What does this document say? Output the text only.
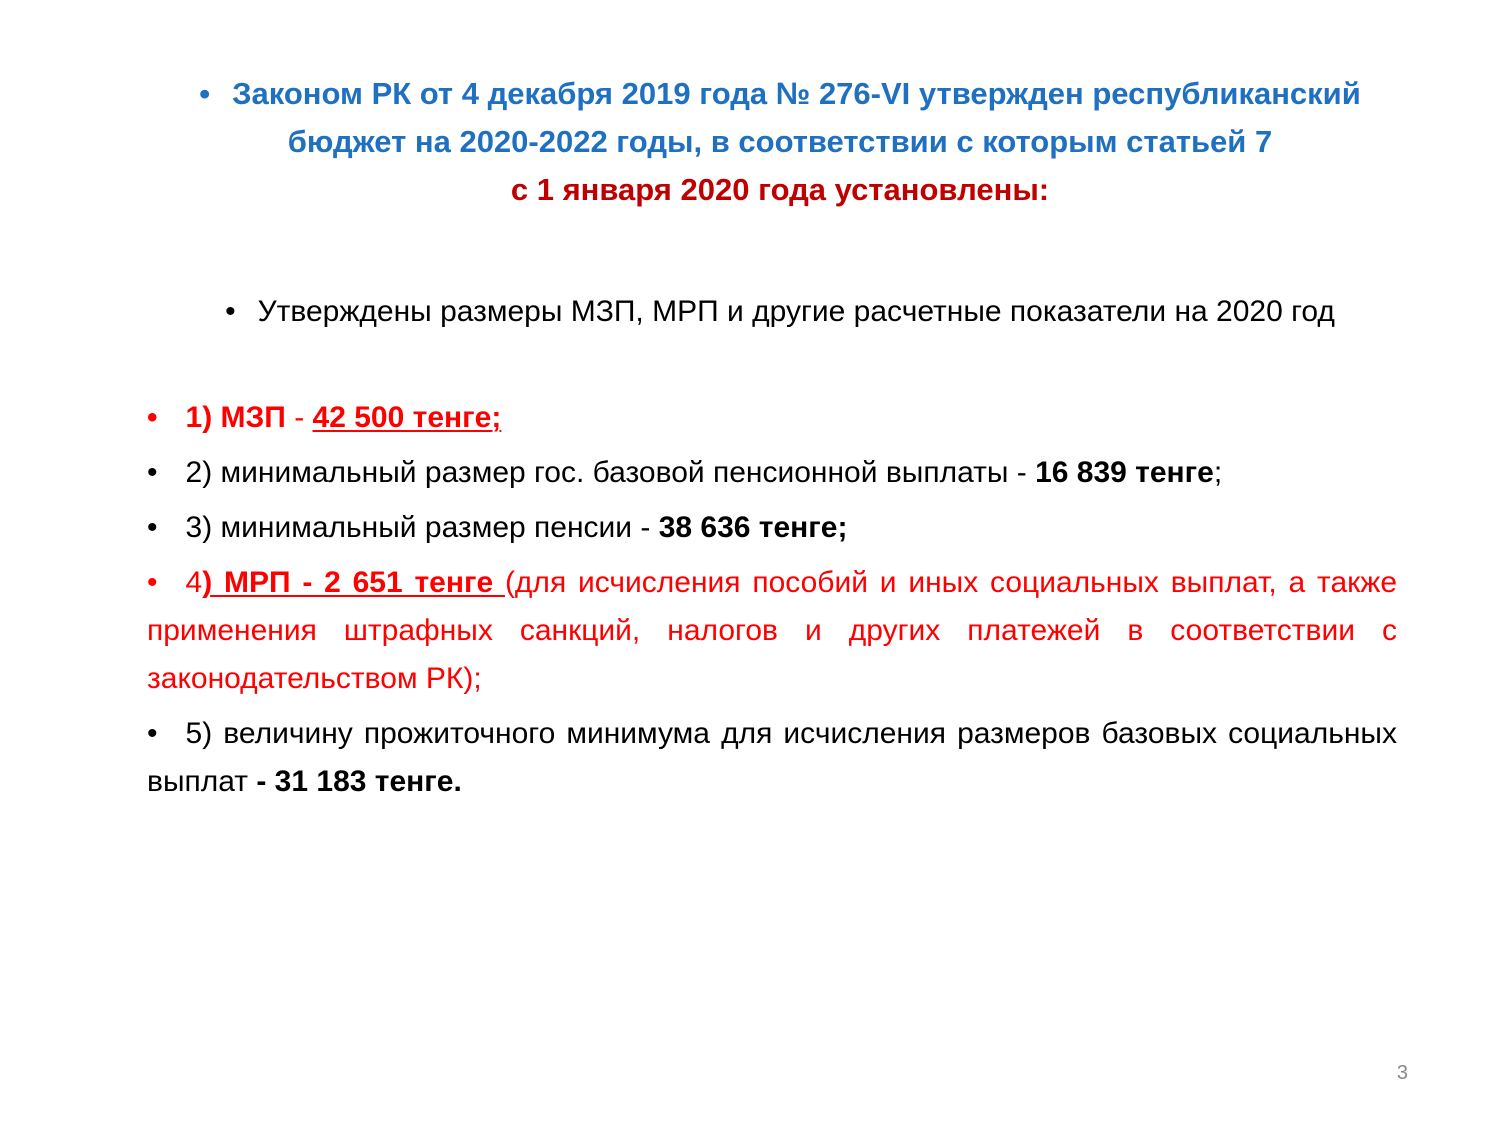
• Законом РК от 4 декабря 2019 года № 276-VI утвержден республиканский бюджет на 2020-2022 годы, в соответствии с которым статьей 7
с 1 января 2020 года установлены:
• Утверждены размеры МЗП, МРП и другие расчетные показатели на 2020 год
• 1) МЗП - 42 500 тенге;
• 2) минимальный размер гос. базовой пенсионной выплаты - 16 839 тенге;
• 3) минимальный размер пенсии - 38 636 тенге;
• 4) МРП - 2 651 тенге (для исчисления пособий и иных социальных выплат, а также применения штрафных санкций, налогов и других платежей в соответствии с законодательством РК);
• 5) величину прожиточного минимума для исчисления размеров базовых социальных выплат - 31 183 тенге.
3
